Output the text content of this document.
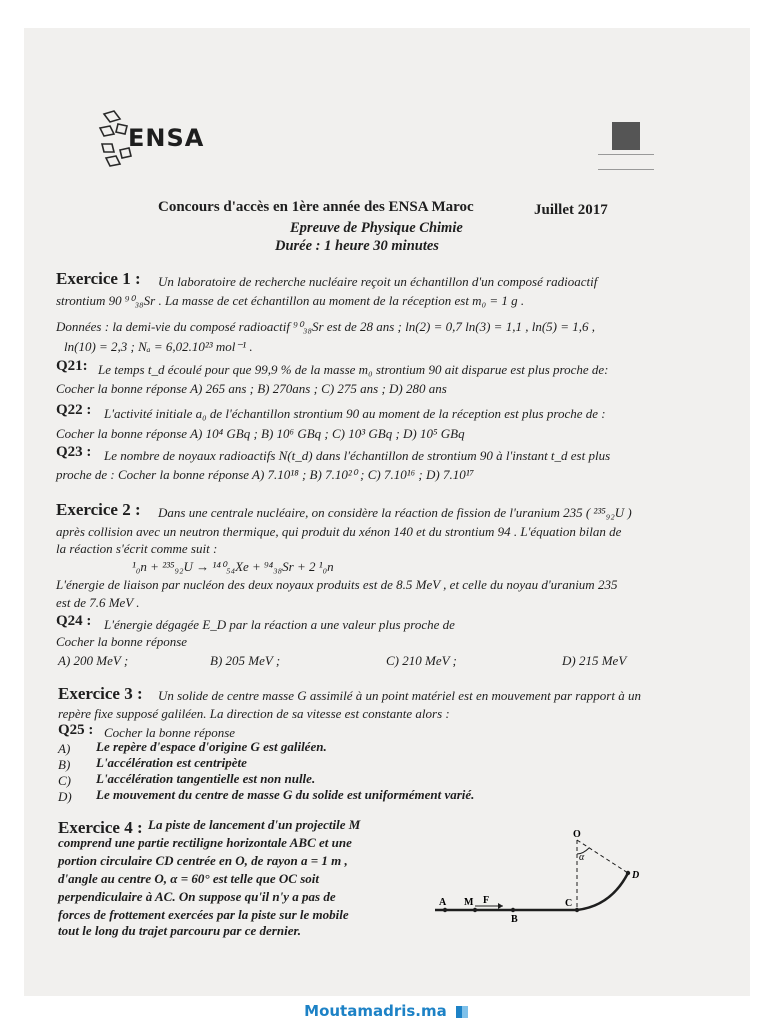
ENSA
Concours d'accès en 1ère année des ENSA Maroc	Juillet 2017
Epreuve de Physique Chimie
Durée : 1 heure 30 minutes
Exercice 1 : Un laboratoire de recherche nucléaire reçoit un échantillon d'un composé radioactif
strontium 90 ⁹⁰₃₈Sr . La masse de cet échantillon au moment de la réception est m₀ = 1 g .
Données : la demi-vie du composé radioactif ⁹⁰₃₈Sr est de 28 ans ; ln(2) = 0,7 ln(3) = 1,1 , ln(5) = 1,6 ,
ln(10) = 2,3 ; Nₐ = 6,02.10²³ mol⁻¹ .
Q21: Le temps t_d écoulé pour que 99,9 % de la masse m₀ strontium 90 ait disparue est plus proche de:
Cocher la bonne réponse A) 265 ans ; B) 270ans ; C) 275 ans ; D) 280 ans
Q22 : L'activité initiale a₀ de l'échantillon strontium 90 au moment de la réception est plus proche de :
Cocher la bonne réponse A) 10⁴ GBq ; B) 10⁶ GBq ; C) 10³ GBq ; D) 10⁵ GBq
Q23 : Le nombre de noyaux radioactifs N(t_d) dans l'échantillon de strontium 90 à l'instant t_d est plus
proche de : Cocher la bonne réponse A) 7.10¹⁸ ; B) 7.10²⁰ ; C) 7.10¹⁶ ; D) 7.10¹⁷
Exercice 2 : Dans une centrale nucléaire, on considère la réaction de fission de l'uranium 235 ( ²³⁵₉₂U )
après collision avec un neutron thermique, qui produit du xénon 140 et du strontium 94 . L'équation bilan de
la réaction s'écrit comme suit :
¹₀n + ²³⁵₉₂U → ¹⁴⁰₅₄Xe + ⁹⁴₃₈Sr + 2 ¹₀n
L'énergie de liaison par nucléon des deux noyaux produits est de 8.5 MeV , et celle du noyau d'uranium 235
est de 7.6 MeV .
Q24 : L'énergie dégagée E_D par la réaction a une valeur plus proche de
Cocher la bonne réponse
A) 200 MeV ;	B) 205 MeV ;	C) 210 MeV ;	D) 215 MeV
Exercice 3 : Un solide de centre masse G assimilé à un point matériel est en mouvement par rapport à un
repère fixe supposé galiléen. La direction de sa vitesse est constante alors :
Q25 : Cocher la bonne réponse
A) Le repère d'espace d'origine G est galiléen.
B) L'accélération est centripète
C) L'accélération tangentielle est non nulle.
D) Le mouvement du centre de masse G du solide est uniformément varié.
Exercice 4 : La piste de lancement d'un projectile M
comprend une partie rectiligne horizontale ABC et une
portion circulaire CD centrée en O, de rayon a = 1 m ,
d'angle au centre O, α = 60° est telle que OC soit
perpendiculaire à AC. On suppose qu'il n'y a pas de
forces de frottement exercées par la piste sur le mobile
tout le long du trajet parcouru par ce dernier.
O
α
D
A M F
B
C
Moutamadris.ma
